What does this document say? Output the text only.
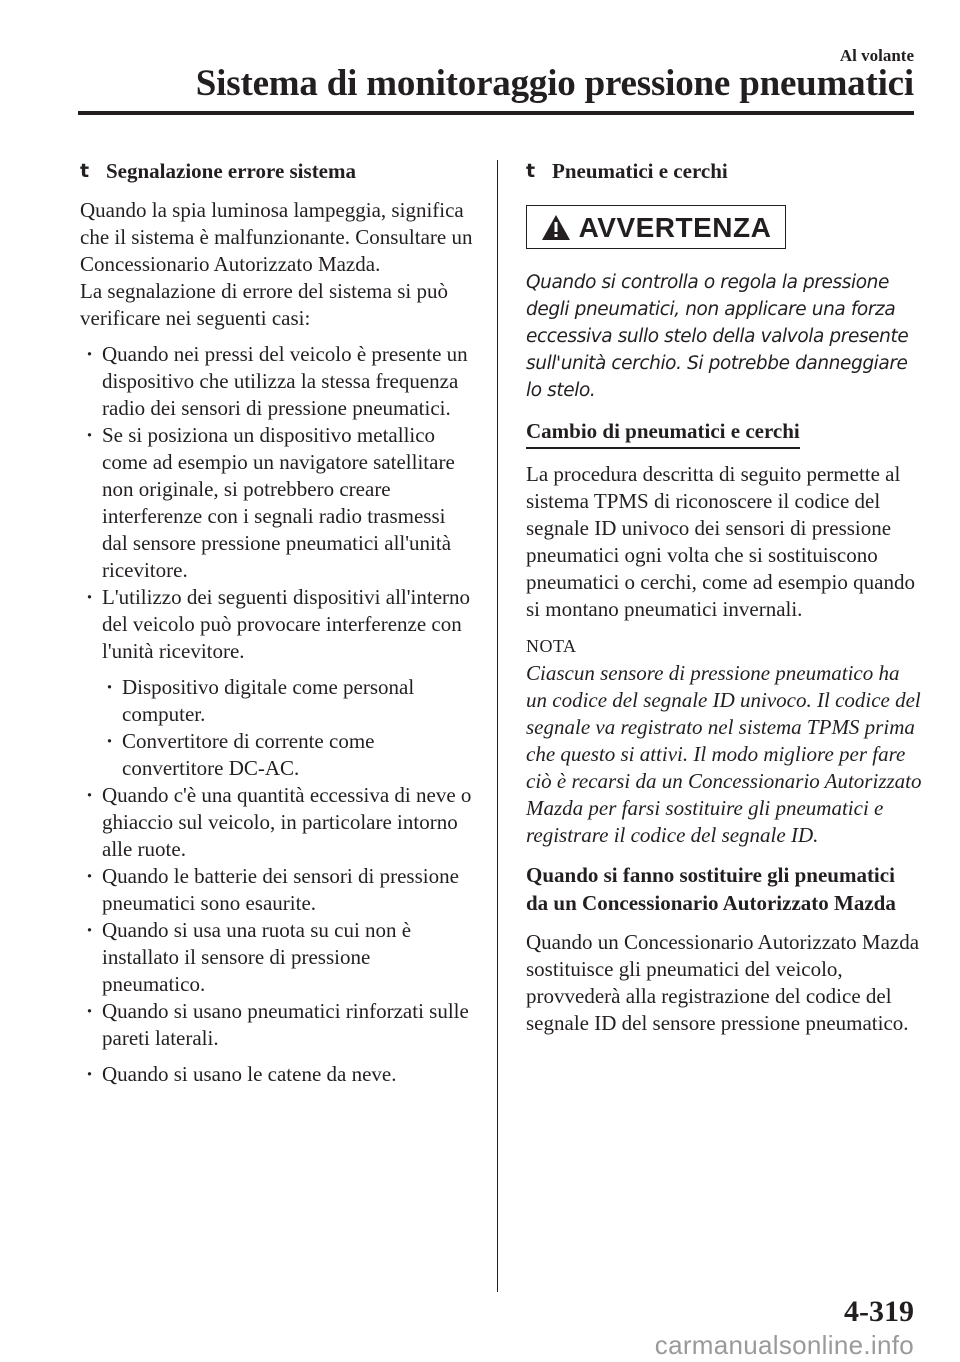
Al volante
Sistema di monitoraggio pressione pneumatici
t Segnalazione errore sistema

Quando la spia luminosa lampeggia, significa che il sistema è malfunzionante. Consultare un Concessionario Autorizzato Mazda.

La segnalazione di errore del sistema si può verificare nei seguenti casi:

· Quando nei pressi del veicolo è presente un dispositivo che utilizza la stessa frequenza radio dei sensori di pressione pneumatici.
· Se si posiziona un dispositivo metallico come ad esempio un navigatore satellitare non originale, si potrebbero creare interferenze con i segnali radio trasmessi dal sensore pressione pneumatici all'unità ricevitore.
· L'utilizzo dei seguenti dispositivi all'interno del veicolo può provocare interferenze con l'unità ricevitore.
· Dispositivo digitale come personal computer.
· Convertitore di corrente come convertitore DC-AC.
· Quando c'è una quantità eccessiva di neve o ghiaccio sul veicolo, in particolare intorno alle ruote.
· Quando le batterie dei sensori di pressione pneumatici sono esaurite.
· Quando si usa una ruota su cui non è installato il sensore di pressione pneumatico.
· Quando si usano pneumatici rinforzati sulle pareti laterali.
· Quando si usano le catene da neve.
t Pneumatici e cerchi
AVVERTENZA

Quando si controlla o regola la pressione degli pneumatici, non applicare una forza eccessiva sullo stelo della valvola presente sull'unità cerchio. Si potrebbe danneggiare lo stelo.

Cambio di pneumatici e cerchi

La procedura descritta di seguito permette al sistema TPMS di riconoscere il codice del segnale ID univoco dei sensori di pressione pneumatici ogni volta che si sostituiscono pneumatici o cerchi, come ad esempio quando si montano pneumatici invernali.

NOTA

Ciascun sensore di pressione pneumatico ha un codice del segnale ID univoco. Il codice del segnale va registrato nel sistema TPMS prima che questo si attivi. Il modo migliore per fare ciò è recarsi da un Concessionario Autorizzato Mazda per farsi sostituire gli pneumatici e registrare il codice del segnale ID.

Quando si fanno sostituire gli pneumatici da un Concessionario Autorizzato Mazda

Quando un Concessionario Autorizzato Mazda sostituisce gli pneumatici del veicolo, provvederà alla registrazione del codice del segnale ID del sensore pressione pneumatico.

4-319
carmanualsonline.info
